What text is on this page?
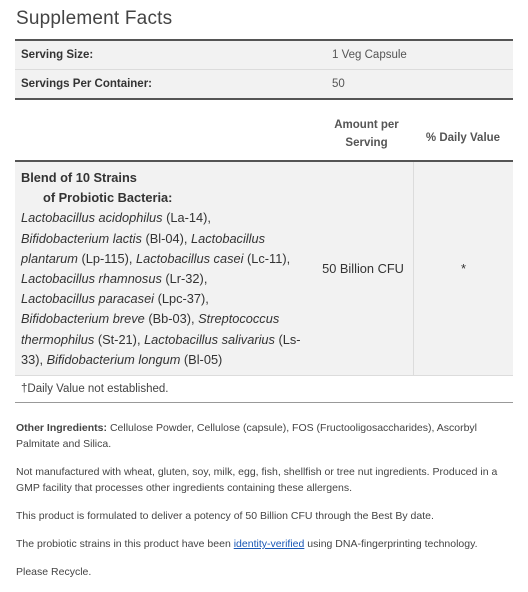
Supplement Facts
Serving Size:	1 Veg Capsule
Servings Per Container:	50
Amount per Serving	% Daily Value
Blend of 10 Strains
of Probiotic Bacteria:
Lactobacillus acidophilus (La-14),
Bifidobacterium lactis (Bl-04), Lactobacillus plantarum (Lp-115), Lactobacillus casei (Lc-11), Lactobacillus rhamnosus (Lr-32),
Lactobacillus paracasei (Lpc-37),
Bifidobacterium breve (Bb-03), Streptococcus thermophilus (St-21), Lactobacillus salivarius (Ls-33), Bifidobacterium longum (Bl-05)
50 Billion CFU	*
†Daily Value not established.

Other Ingredients: Cellulose Powder, Cellulose (capsule), FOS (Fructooligosaccharides), Ascorbyl Palmitate and Silica.

Not manufactured with wheat, gluten, soy, milk, egg, fish, shellfish or tree nut ingredients. Produced in a GMP facility that processes other ingredients containing these allergens.

This product is formulated to deliver a potency of 50 Billion CFU through the Best By date.

The probiotic strains in this product have been identity-verified using DNA-fingerprinting technology.

Please Recycle.
